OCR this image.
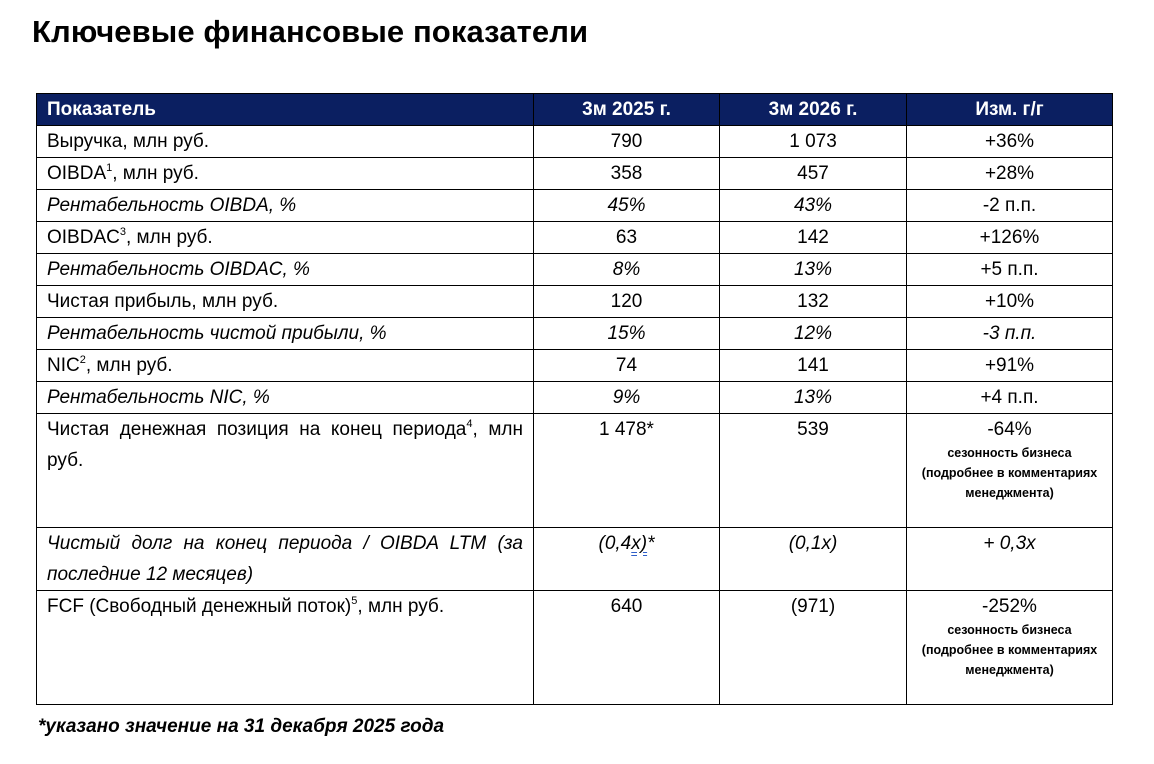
Ключевые финансовые показатели
Показатель	3м 2025 г.	3м 2026 г.	Изм. г/г
Выручка, млн руб.	790	1 073	+36%
OIBDA$^1$, млн руб.	358	457	+28%
Рентабельность OIBDA, %	45%	43%	-2 п.п.
OIBDAC$^3$, млн руб.	63	142	+126%
Рентабельность OIBDAC, %	8%	13%	+5 п.п.
Чистая прибыль, млн руб.	120	132	+10%
Рентабельность чистой прибыли, %	15%	12%	-3 п.п.
NIC$^2$, млн руб.	74	141	+91%
Рентабельность NIC, %	9%	13%	+4 п.п.
Чистая денежная позиция на конец периода$^4$, млн руб.	1 478*	539	-64%
сезонность бизнеса (подробнее в комментариях менеджмента)

Чистый долг на конец периода / OIBDA LTM (за последние 12 месяцев)	(0,4х)*	(0,1х)	+ 0,3х
FCF (Свободный денежный поток)$^5$, млн руб.	640	(971)	-252%
сезонность бизнеса (подробнее в комментариях менеджмента)

*указано значение на 31 декабря 2025 года
